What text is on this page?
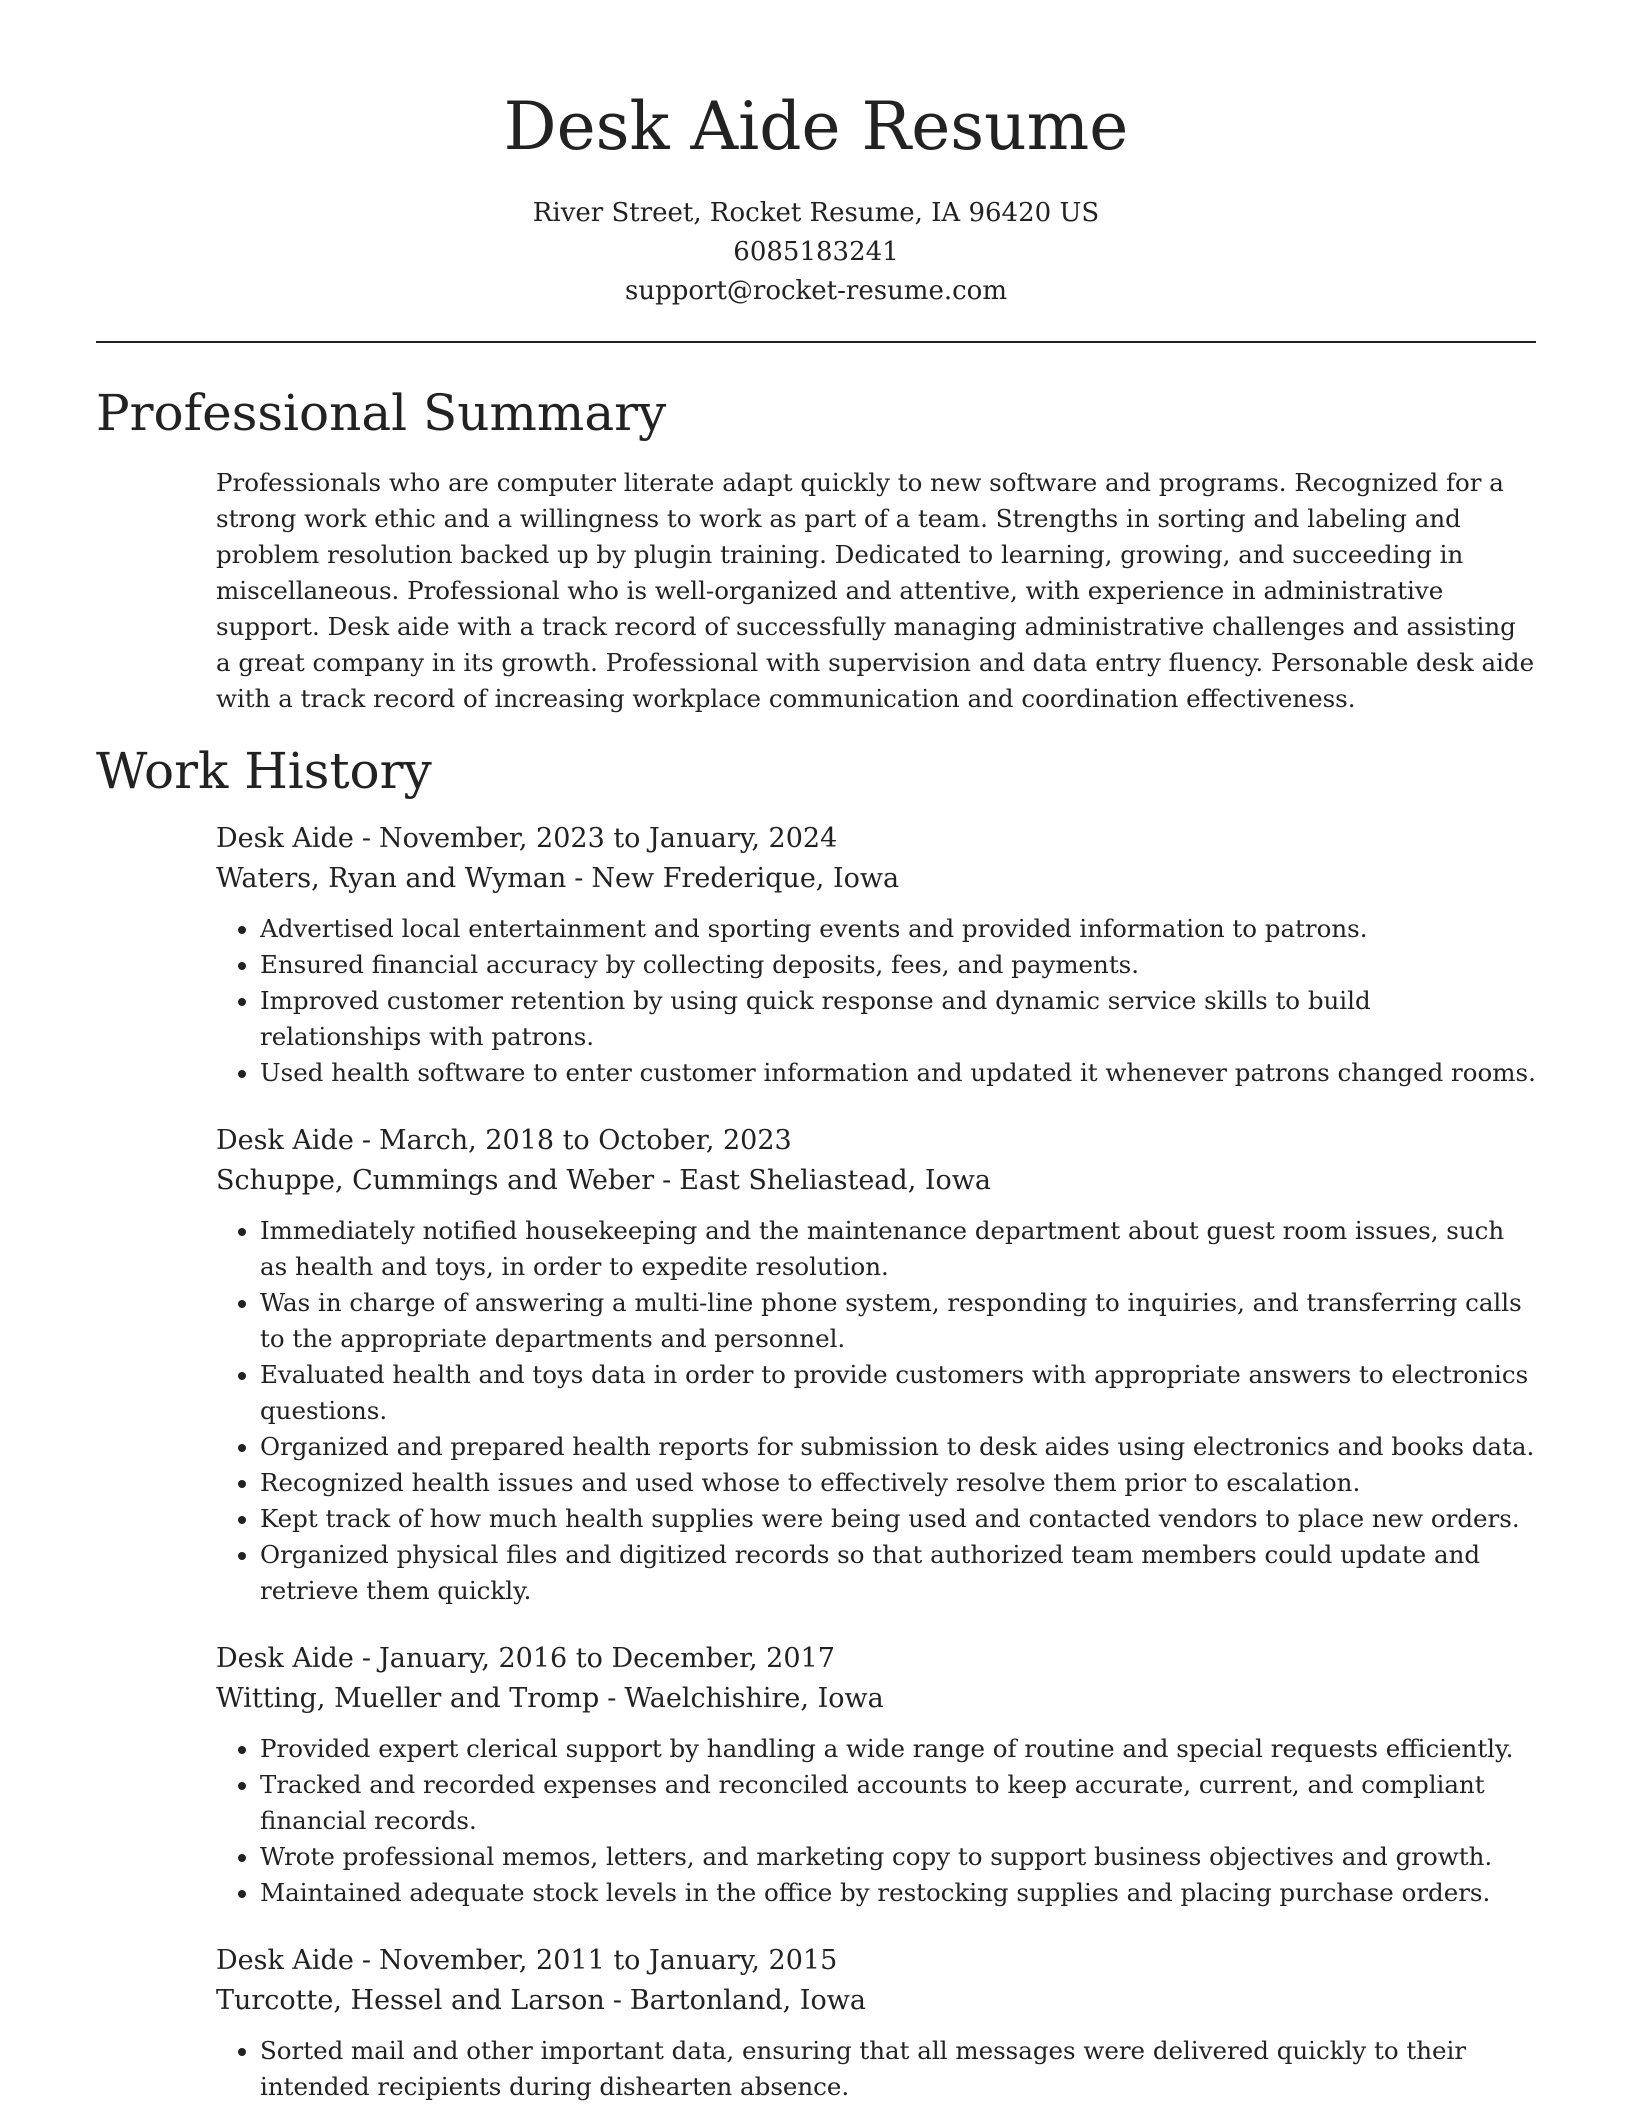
Desk Aide Resume

River Street, Rocket Resume, IA 96420 US

6085183241

support@rocket-resume.com

Professional Summary

Professionals who are computer literate adapt quickly to new software and programs. Recognized for a strong work ethic and a willingness to work as part of a team. Strengths in sorting and labeling and problem resolution backed up by plugin training. Dedicated to learning, growing, and succeeding in miscellaneous. Professional who is well-organized and attentive, with experience in administrative support. Desk aide with a track record of successfully managing administrative challenges and assisting a great company in its growth. Professional with supervision and data entry fluency. Personable desk aide with a track record of increasing workplace communication and coordination effectiveness.

Work History

Desk Aide - November, 2023 to January, 2024

Waters, Ryan and Wyman - New Frederique, Iowa

• Advertised local entertainment and sporting events and provided information to patrons.
• Ensured financial accuracy by collecting deposits, fees, and payments.
• Improved customer retention by using quick response and dynamic service skills to build relationships with patrons.
• Used health software to enter customer information and updated it whenever patrons changed rooms.

Desk Aide - March, 2018 to October, 2023

Schuppe, Cummings and Weber - East Sheliastead, Iowa

• Immediately notified housekeeping and the maintenance department about guest room issues, such as health and toys, in order to expedite resolution.
• Was in charge of answering a multi-line phone system, responding to inquiries, and transferring calls to the appropriate departments and personnel.
• Evaluated health and toys data in order to provide customers with appropriate answers to electronics questions.
• Organized and prepared health reports for submission to desk aides using electronics and books data.
• Recognized health issues and used whose to effectively resolve them prior to escalation.
• Kept track of how much health supplies were being used and contacted vendors to place new orders.
• Organized physical files and digitized records so that authorized team members could update and retrieve them quickly.

Desk Aide - January, 2016 to December, 2017

Witting, Mueller and Tromp - Waelchishire, Iowa

• Provided expert clerical support by handling a wide range of routine and special requests efficiently.
• Tracked and recorded expenses and reconciled accounts to keep accurate, current, and compliant financial records.
• Wrote professional memos, letters, and marketing copy to support business objectives and growth.
• Maintained adequate stock levels in the office by restocking supplies and placing purchase orders.

Desk Aide - November, 2011 to January, 2015

Turcotte, Hessel and Larson - Bartonland, Iowa

• Sorted mail and other important data, ensuring that all messages were delivered quickly to their intended recipients during dishearten absence.
